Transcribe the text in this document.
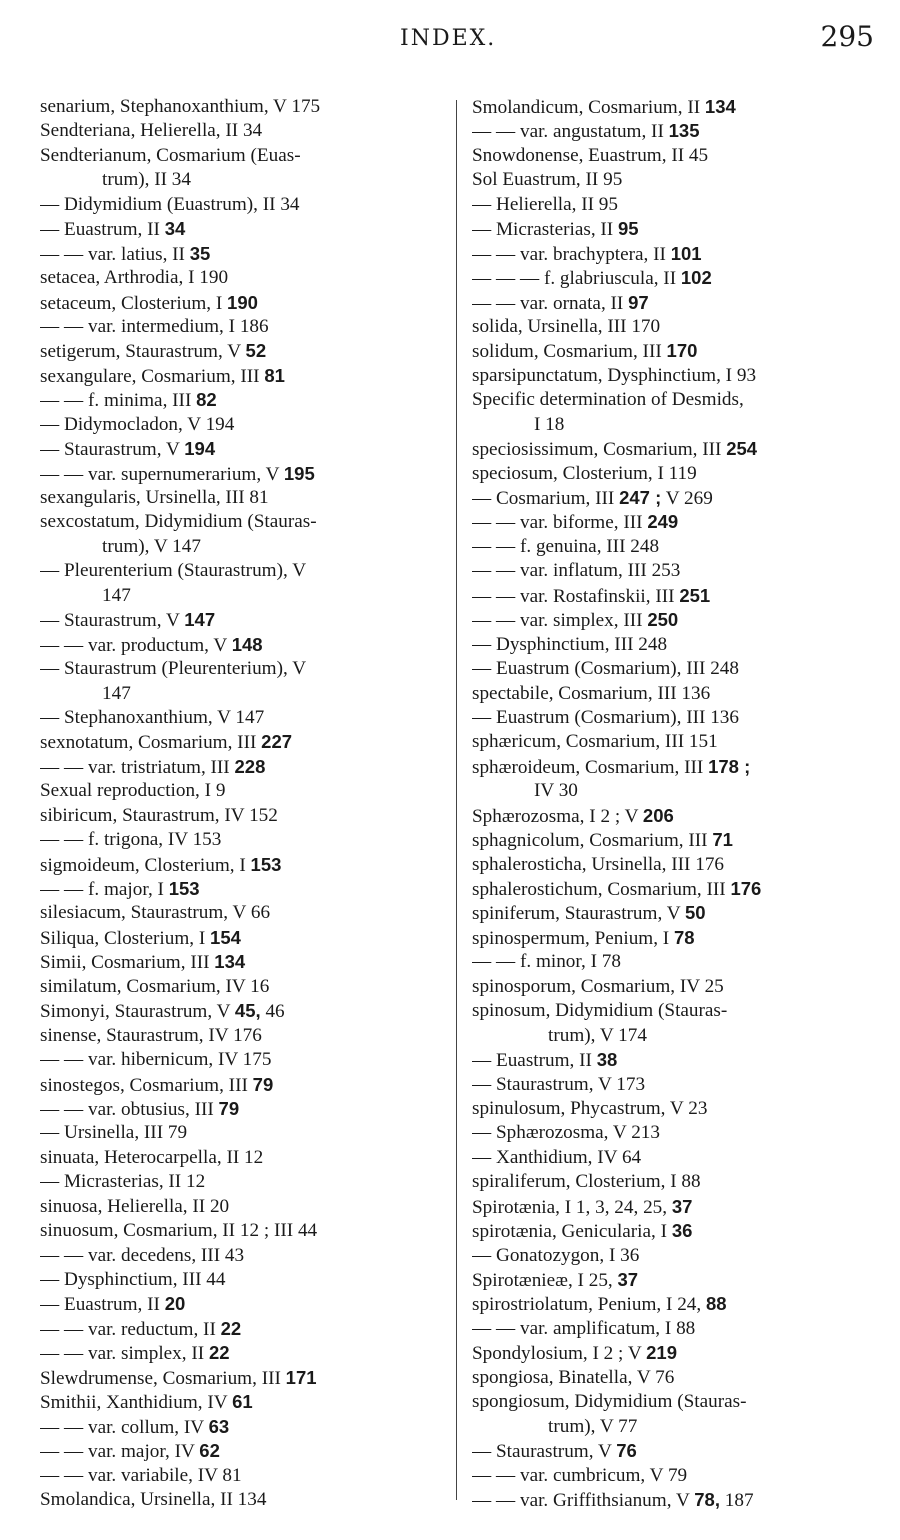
INDEX.	295
senarium, Stephanoxanthium, V 175
Sendteriana, Helierella, II 34
Sendterianum, Cosmarium (Euas-
trum), II 34
— Didymidium (Euastrum), II 34
— Euastrum, II 34
— — var. latius, II 35
setacea, Arthrodia, I 190
setaceum, Closterium, I 190
— — var. intermedium, I 186
setigerum, Staurastrum, V 52
sexangulare, Cosmarium, III 81
— — f. minima, III 82
— Didymocladon, V 194
— Staurastrum, V 194
— — var. supernumerarium, V 195
sexangularis, Ursinella, III 81
sexcostatum, Didymidium (Stauras-
trum), V 147
— Pleurenterium (Staurastrum), V
147
— Staurastrum, V 147
— — var. productum, V 148
— Staurastrum (Pleurenterium), V
147
— Stephanoxanthium, V 147
sexnotatum, Cosmarium, III 227
— — var. tristriatum, III 228
Sexual reproduction, I 9
sibiricum, Staurastrum, IV 152
— — f. trigona, IV 153
sigmoideum, Closterium, I 153
— — f. major, I 153
silesiacum, Staurastrum, V 66
Siliqua, Closterium, I 154
Simii, Cosmarium, III 134
similatum, Cosmarium, IV 16
Simonyi, Staurastrum, V 45, 46
sinense, Staurastrum, IV 176
— — var. hibernicum, IV 175
sinostegos, Cosmarium, III 79
— — var. obtusius, III 79
— Ursinella, III 79
sinuata, Heterocarpella, II 12
— Micrasterias, II 12
sinuosa, Helierella, II 20
sinuosum, Cosmarium, II 12 ; III 44
— — var. decedens, III 43
— Dysphinctium, III 44
— Euastrum, II 20
— — var. reductum, II 22
— — var. simplex, II 22
Slewdrumense, Cosmarium, III 171
Smithii, Xanthidium, IV 61
— — var. collum, IV 63
— — var. major, IV 62
— — var. variabile, IV 81
Smolandica, Ursinella, II 134
Smolandicum, Cosmarium, II 134
— — var. angustatum, II 135
Snowdonense, Euastrum, II 45
Sol Euastrum, II 95
— Helierella, II 95
— Micrasterias, II 95
— — var. brachyptera, II 101
— — — f. glabriuscula, II 102
— — var. ornata, II 97
solida, Ursinella, III 170
solidum, Cosmarium, III 170
sparsipunctatum, Dysphinctium, I 93
Specific determination of Desmids,
I 18
speciosissimum, Cosmarium, III 254
speciosum, Closterium, I 119
— Cosmarium, III 247 ; V 269
— — var. biforme, III 249
— — f. genuina, III 248
— — var. inflatum, III 253
— — var. Rostafinskii, III 251
— — var. simplex, III 250
— Dysphinctium, III 248
— Euastrum (Cosmarium), III 248
spectabile, Cosmarium, III 136
— Euastrum (Cosmarium), III 136
sphæricum, Cosmarium, III 151
sphæroideum, Cosmarium, III 178 ;
IV 30
Sphærozosma, I 2 ; V 206
sphagnicolum, Cosmarium, III 71
sphalerosticha, Ursinella, III 176
sphalerostichum, Cosmarium, III 176
spiniferum, Staurastrum, V 50
spinospermum, Penium, I 78
— — f. minor, I 78
spinosporum, Cosmarium, IV 25
spinosum, Didymidium (Stauras-
trum), V 174
— Euastrum, II 38
— Staurastrum, V 173
spinulosum, Phycastrum, V 23
— Sphærozosma, V 213
— Xanthidium, IV 64
spiraliferum, Closterium, I 88
Spirotænia, I 1, 3, 24, 25, 37
spirotænia, Genicularia, I 36
— Gonatozygon, I 36
Spirotænieæ, I 25, 37
spirostriolatum, Penium, I 24, 88
— — var. amplificatum, I 88
Spondylosium, I 2 ; V 219
spongiosa, Binatella, V 76
spongiosum, Didymidium (Stauras-
trum), V 77
— Staurastrum, V 76
— — var. cumbricum, V 79
— — var. Griffithsianum, V 78, 187
